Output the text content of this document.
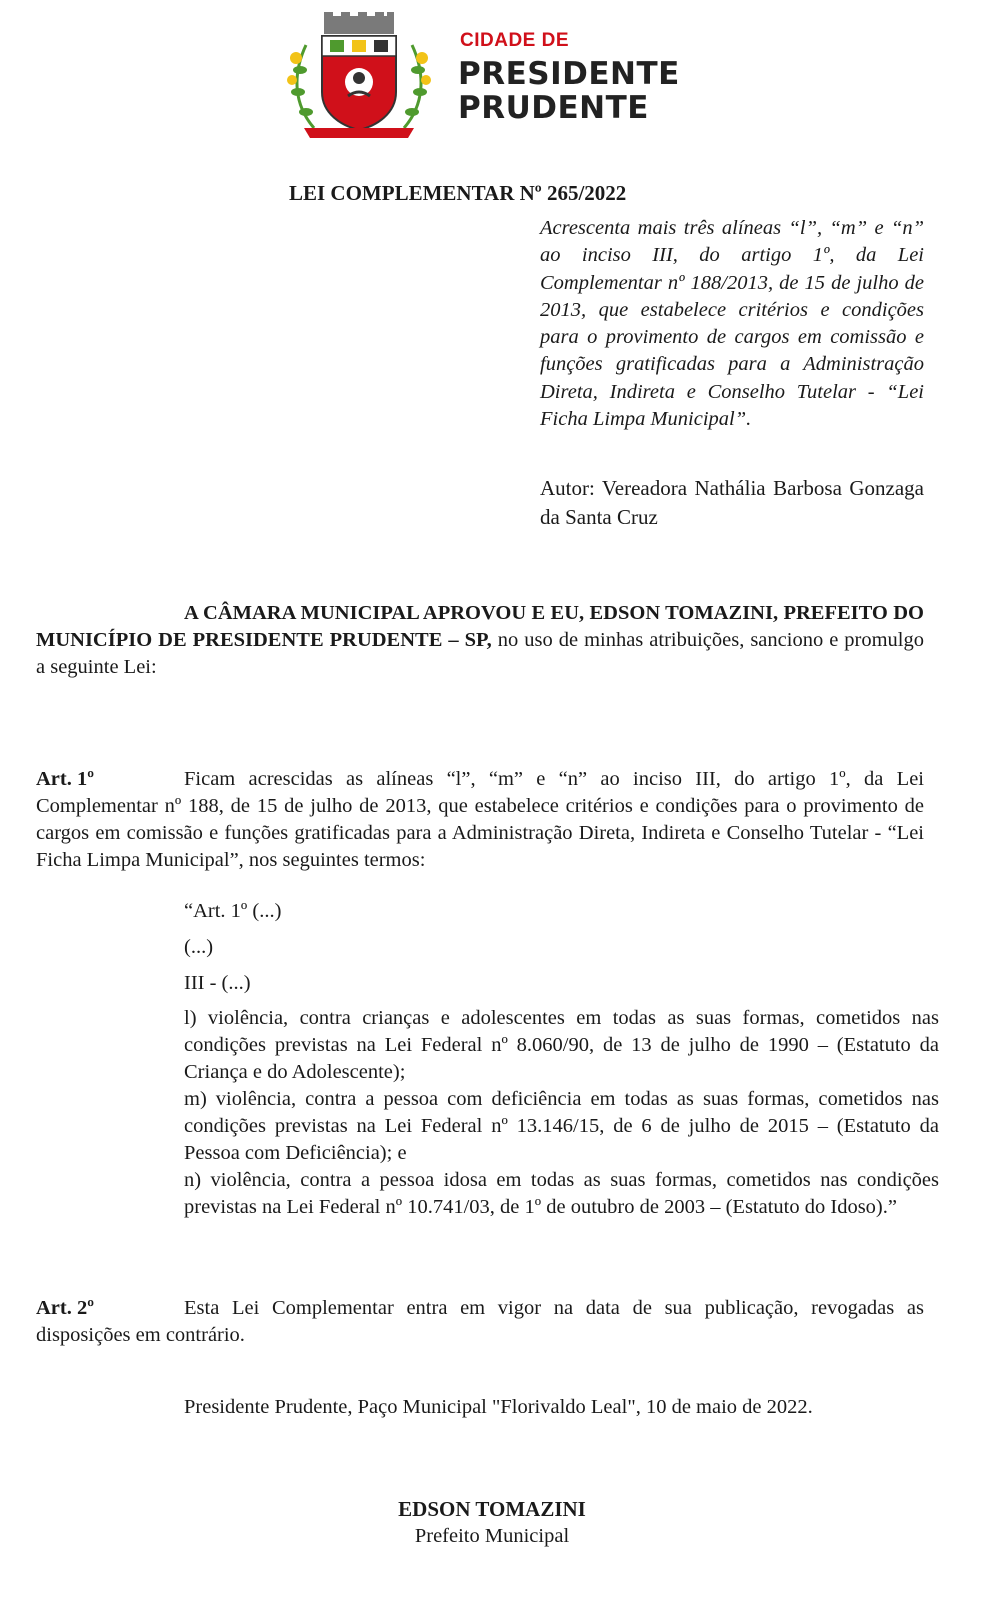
CIDADE DE
PRESIDENTE
PRUDENTE
LEI COMPLEMENTAR Nº 265/2022
Acrescenta mais três alíneas “l”, “m” e “n” ao inciso III, do artigo 1º, da Lei Complementar nº 188/2013, de 15 de julho de 2013, que estabelece critérios e condições para o provimento de cargos em comissão e funções gratificadas para a Administração Direta, Indireta e Conselho Tutelar - “Lei Ficha Limpa Municipal”.
Autor: Vereadora Nathália Barbosa Gonzaga da Santa Cruz
A CÂMARA MUNICIPAL APROVOU E EU, EDSON TOMAZINI, PREFEITO DO MUNICÍPIO DE PRESIDENTE PRUDENTE – SP, no uso de minhas atribuições, sanciono e promulgo a seguinte Lei:
Art. 1º	Ficam acrescidas as alíneas “l”, “m” e “n” ao inciso III, do artigo 1º, da Lei Complementar nº 188, de 15 de julho de 2013, que estabelece critérios e condições para o provimento de cargos em comissão e funções gratificadas para a Administração Direta, Indireta e Conselho Tutelar - “Lei Ficha Limpa Municipal”, nos seguintes termos:
“Art. 1º (...)
(...)
III - (...)
l) violência, contra crianças e adolescentes em todas as suas formas, cometidos nas condições previstas na Lei Federal nº 8.060/90, de 13 de julho de 1990 – (Estatuto da Criança e do Adolescente);
m) violência, contra a pessoa com deficiência em todas as suas formas, cometidos nas condições previstas na Lei Federal nº 13.146/15, de 6 de julho de 2015 – (Estatuto da Pessoa com Deficiência); e
n) violência, contra a pessoa idosa em todas as suas formas, cometidos nas condições previstas na Lei Federal nº 10.741/03, de 1º de outubro de 2003 – (Estatuto do Idoso).”
Art. 2º	Esta Lei Complementar entra em vigor na data de sua publicação, revogadas as disposições em contrário.
Presidente Prudente, Paço Municipal "Florivaldo Leal", 10 de maio de 2022.
EDSON TOMAZINI
Prefeito Municipal
